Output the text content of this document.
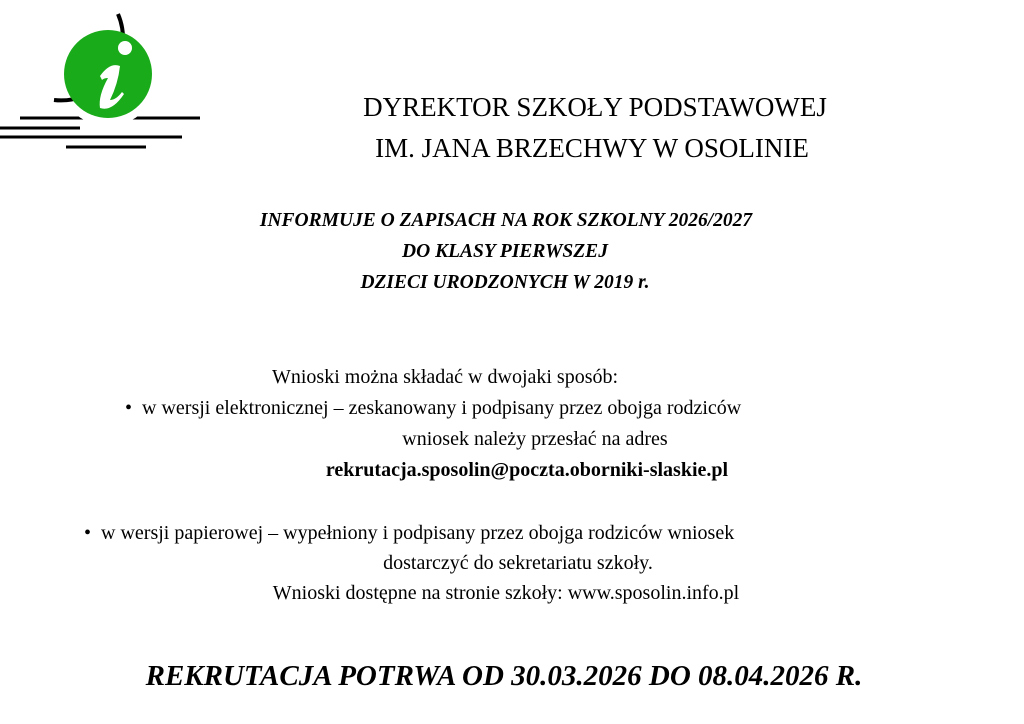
DYREKTOR SZKOŁY PODSTAWOWEJ
IM. JANA BRZECHWY W OSOLINIE
INFORMUJE O ZAPISACH NA ROK SZKOLNY 2026/2027
DO KLASY PIERWSZEJ
DZIECI URODZONYCH W 2019 r.
Wnioski można składać w dwojaki sposób:
• w wersji elektronicznej – zeskanowany i podpisany przez obojga rodziców
wniosek należy przesłać na adres
rekrutacja.sposolin@poczta.oborniki-slaskie.pl
• w wersji papierowej – wypełniony i podpisany przez obojga rodziców wniosek
dostarczyć do sekretariatu szkoły.
Wnioski dostępne na stronie szkoły: www.sposolin.info.pl
REKRUTACJA POTRWA OD 30.03.2026 DO 08.04.2026 R.
